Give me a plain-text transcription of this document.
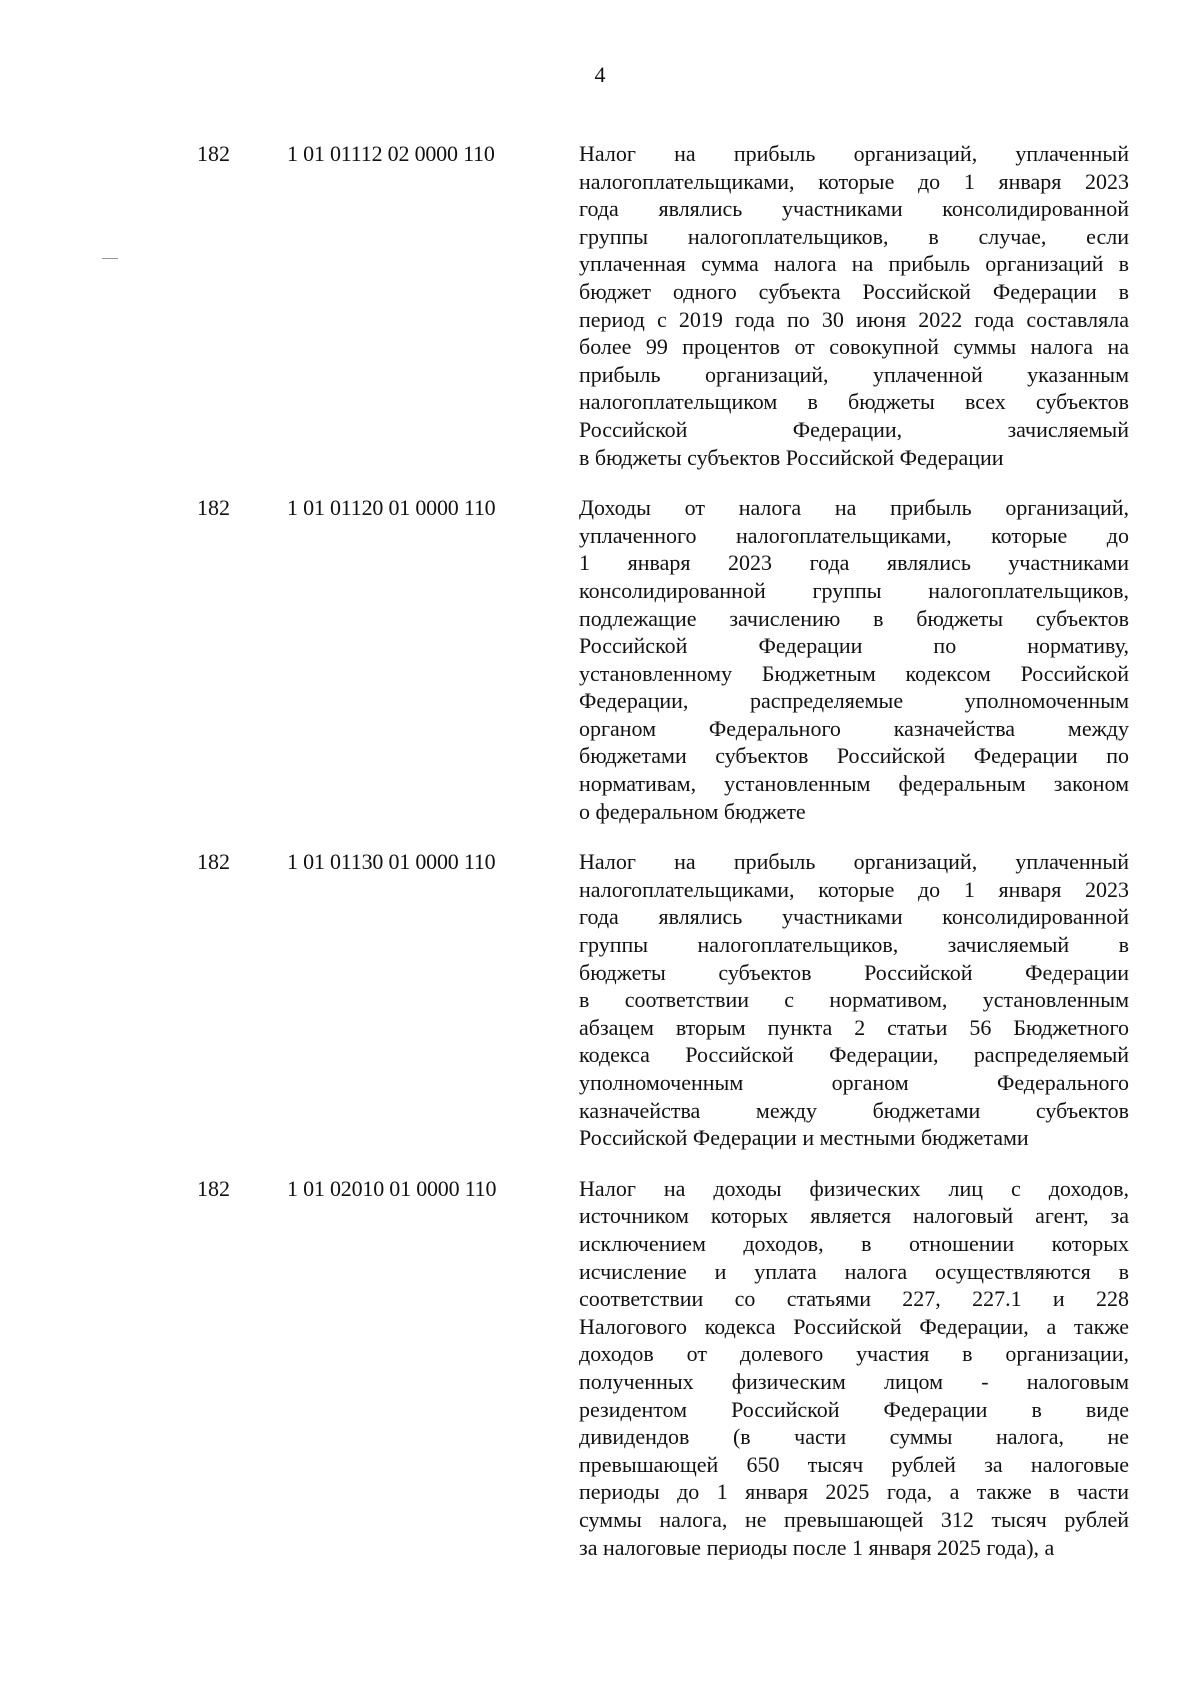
4
182	1 01 01112 02 0000 110	Налог на прибыль организаций, уплаченный
налогоплательщиками, которые до 1 января 2023
года являлись участниками консолидированной
группы налогоплательщиков, в случае, если
уплаченная сумма налога на прибыль организаций в
бюджет одного субъекта Российской Федерации в
период с 2019 года по 30 июня 2022 года составляла
более 99 процентов от совокупной суммы налога на
прибыль организаций, уплаченной указанным
налогоплательщиком в бюджеты всех субъектов
Российской Федерации, зачисляемый
в бюджеты субъектов Российской Федерации
182	1 01 01120 01 0000 110	Доходы от налога на прибыль организаций,
уплаченного налогоплательщиками, которые до
1 января 2023 года являлись участниками
консолидированной группы налогоплательщиков,
подлежащие зачислению в бюджеты субъектов
Российской Федерации по нормативу,
установленному Бюджетным кодексом Российской
Федерации, распределяемые уполномоченным
органом Федерального казначейства между
бюджетами субъектов Российской Федерации по
нормативам, установленным федеральным законом
о федеральном бюджете
182	1 01 01130 01 0000 110	Налог на прибыль организаций, уплаченный
налогоплательщиками, которые до 1 января 2023
года являлись участниками консолидированной
группы налогоплательщиков, зачисляемый в
бюджеты субъектов Российской Федерации
в соответствии с нормативом, установленным
абзацем вторым пункта 2 статьи 56 Бюджетного
кодекса Российской Федерации, распределяемый
уполномоченным органом Федерального
казначейства между бюджетами субъектов
Российской Федерации и местными бюджетами
182	1 01 02010 01 0000 110	Налог на доходы физических лиц с доходов,
источником которых является налоговый агент, за
исключением доходов, в отношении которых
исчисление и уплата налога осуществляются в
соответствии со статьями 227, 227.1 и 228
Налогового кодекса Российской Федерации, а также
доходов от долевого участия в организации,
полученных физическим лицом - налоговым
резидентом Российской Федерации в виде
дивидендов (в части суммы налога, не
превышающей 650 тысяч рублей за налоговые
периоды до 1 января 2025 года, а также в части
суммы налога, не превышающей 312 тысяч рублей
за налоговые периоды после 1 января 2025 года), а
